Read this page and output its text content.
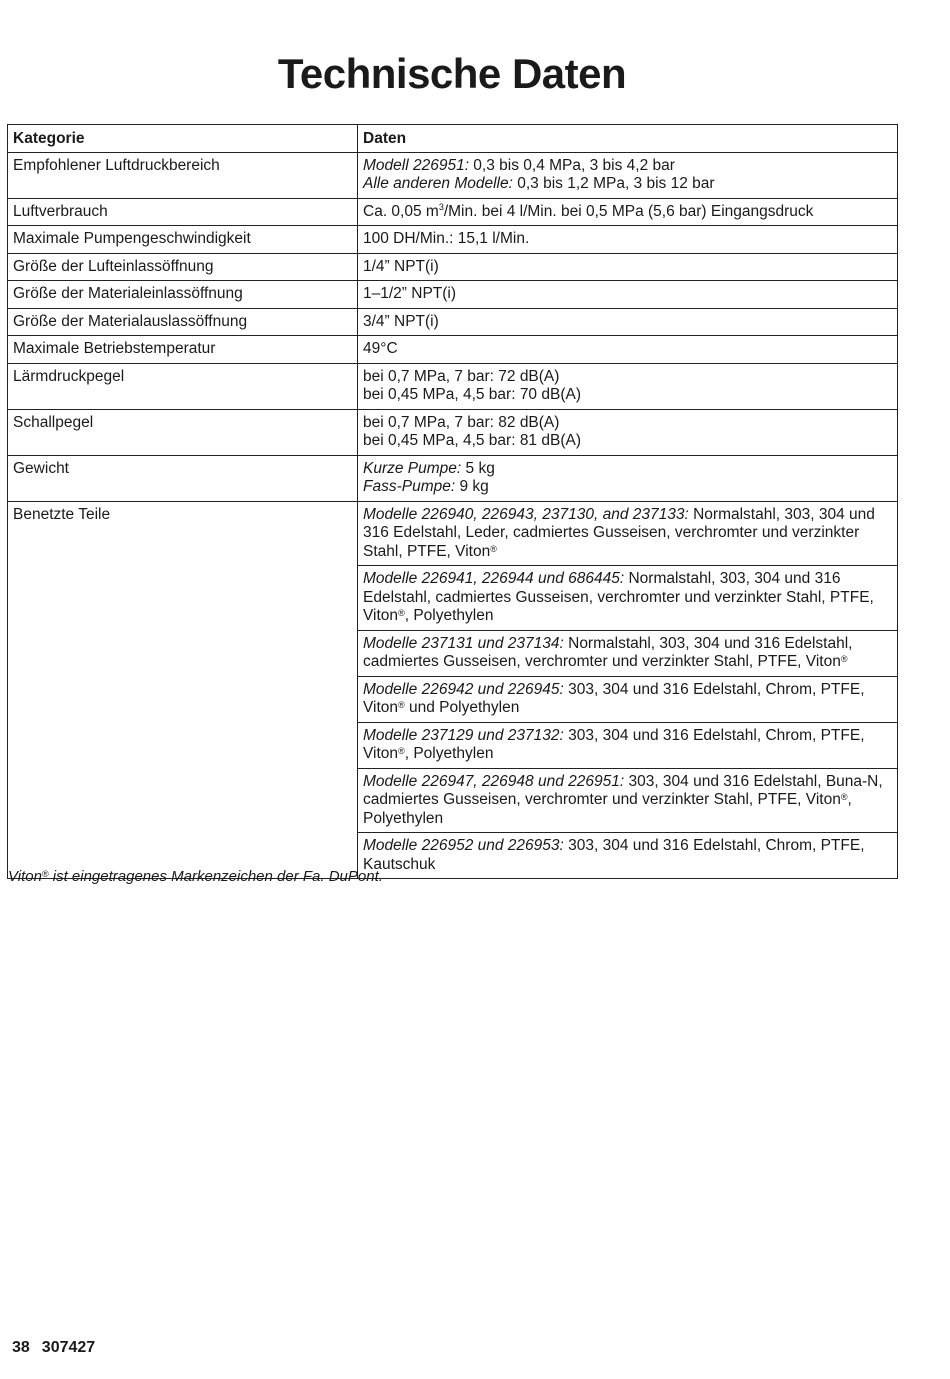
Technische Daten
Kategorie	Daten
Empfohlener Luftdruckbereich	Modell 226951: 0,3 bis 0,4 MPa, 3 bis 4,2 bar
Alle anderen Modelle: 0,3 bis 1,2 MPa, 3 bis 12 bar

Luftverbrauch	Ca. 0,05 $m^3$/Min. bei 4 l/Min. bei 0,5 MPa (5,6 bar) Eingangsdruck
Maximale Pumpengeschwindigkeit	100 DH/Min.: 15,1 l/Min.
Größe der Lufteinlassöffnung	1/4” NPT(i)
Größe der Materialeinlassöffnung	1–1/2” NPT(i)
Größe der Materialauslassöffnung	3/4” NPT(i)
Maximale Betriebstemperatur	49°C
Lärmdruckpegel	bei 0,7 MPa, 7 bar: 72 dB(A)
bei 0,45 MPa, 4,5 bar: 70 dB(A)

Schallpegel	bei 0,7 MPa, 7 bar: 82 dB(A)
bei 0,45 MPa, 4,5 bar: 81 dB(A)

Gewicht	Kurze Pumpe: 5 kg
Fass-Pumpe: 9 kg

Benetzte Teile	Modelle 226940, 226943, 237130, and 237133: Normalstahl, 303, 304 und 316 Edelstahl, Leder, cadmiertes Gusseisen, verchromter und verzinkter Stahl, PTFE, Viton®
	Modelle 226941, 226944 und 686445: Normalstahl, 303, 304 und 316 Edelstahl, cadmiertes Gusseisen, verchromter und verzinkter Stahl, PTFE, Viton®, Polyethylen
	Modelle 237131 und 237134: Normalstahl, 303, 304 und 316 Edelstahl, cadmiertes Gusseisen, verchromter und verzinkter Stahl, PTFE, Viton®
	Modelle 226942 und 226945: 303, 304 und 316 Edelstahl, Chrom, PTFE, Viton® und Polyethylen
	Modelle 237129 und 237132: 303, 304 und 316 Edelstahl, Chrom, PTFE, Viton®, Polyethylen
	Modelle 226947, 226948 und 226951: 303, 304 und 316 Edelstahl, Buna-N, cadmiertes Gusseisen, verchromter und verzinkter Stahl, PTFE, Viton®, Polyethylen
	Modelle 226952 und 226953: 303, 304 und 316 Edelstahl, Chrom, PTFE, Kautschuk
Viton® ist eingetragenes Markenzeichen der Fa. DuPont.
38 307427
